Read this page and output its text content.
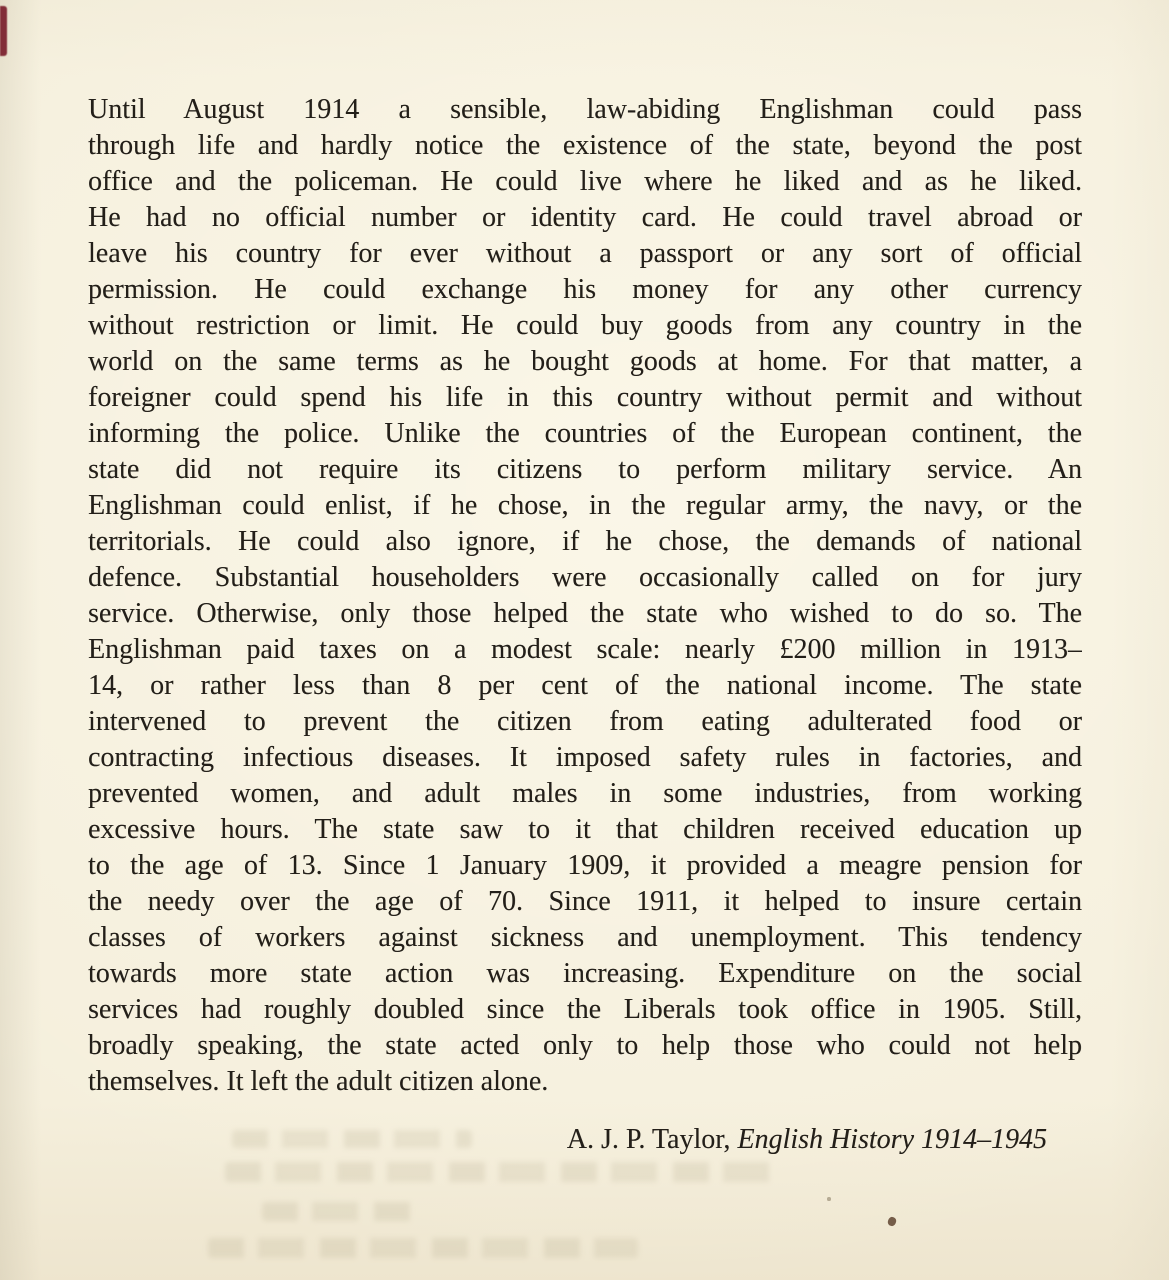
Until August 1914 a sensible, law-abiding Englishman could pass
through life and hardly notice the existence of the state, beyond the post
office and the policeman. He could live where he liked and as he liked.
He had no official number or identity card. He could travel abroad or
leave his country for ever without a passport or any sort of official
permission. He could exchange his money for any other currency
without restriction or limit. He could buy goods from any country in the
world on the same terms as he bought goods at home. For that matter, a
foreigner could spend his life in this country without permit and without
informing the police. Unlike the countries of the European continent, the
state did not require its citizens to perform military service. An
Englishman could enlist, if he chose, in the regular army, the navy, or the
territorials. He could also ignore, if he chose, the demands of national
defence. Substantial householders were occasionally called on for jury
service. Otherwise, only those helped the state who wished to do so. The
Englishman paid taxes on a modest scale: nearly £200 million in 1913–
14, or rather less than 8 per cent of the national income. The state
intervened to prevent the citizen from eating adulterated food or
contracting infectious diseases. It imposed safety rules in factories, and
prevented women, and adult males in some industries, from working
excessive hours. The state saw to it that children received education up
to the age of 13. Since 1 January 1909, it provided a meagre pension for
the needy over the age of 70. Since 1911, it helped to insure certain
classes of workers against sickness and unemployment. This tendency
towards more state action was increasing. Expenditure on the social
services had roughly doubled since the Liberals took office in 1905. Still,
broadly speaking, the state acted only to help those who could not help
themselves. It left the adult citizen alone.
A. J. P. Taylor, English History 1914–1945
